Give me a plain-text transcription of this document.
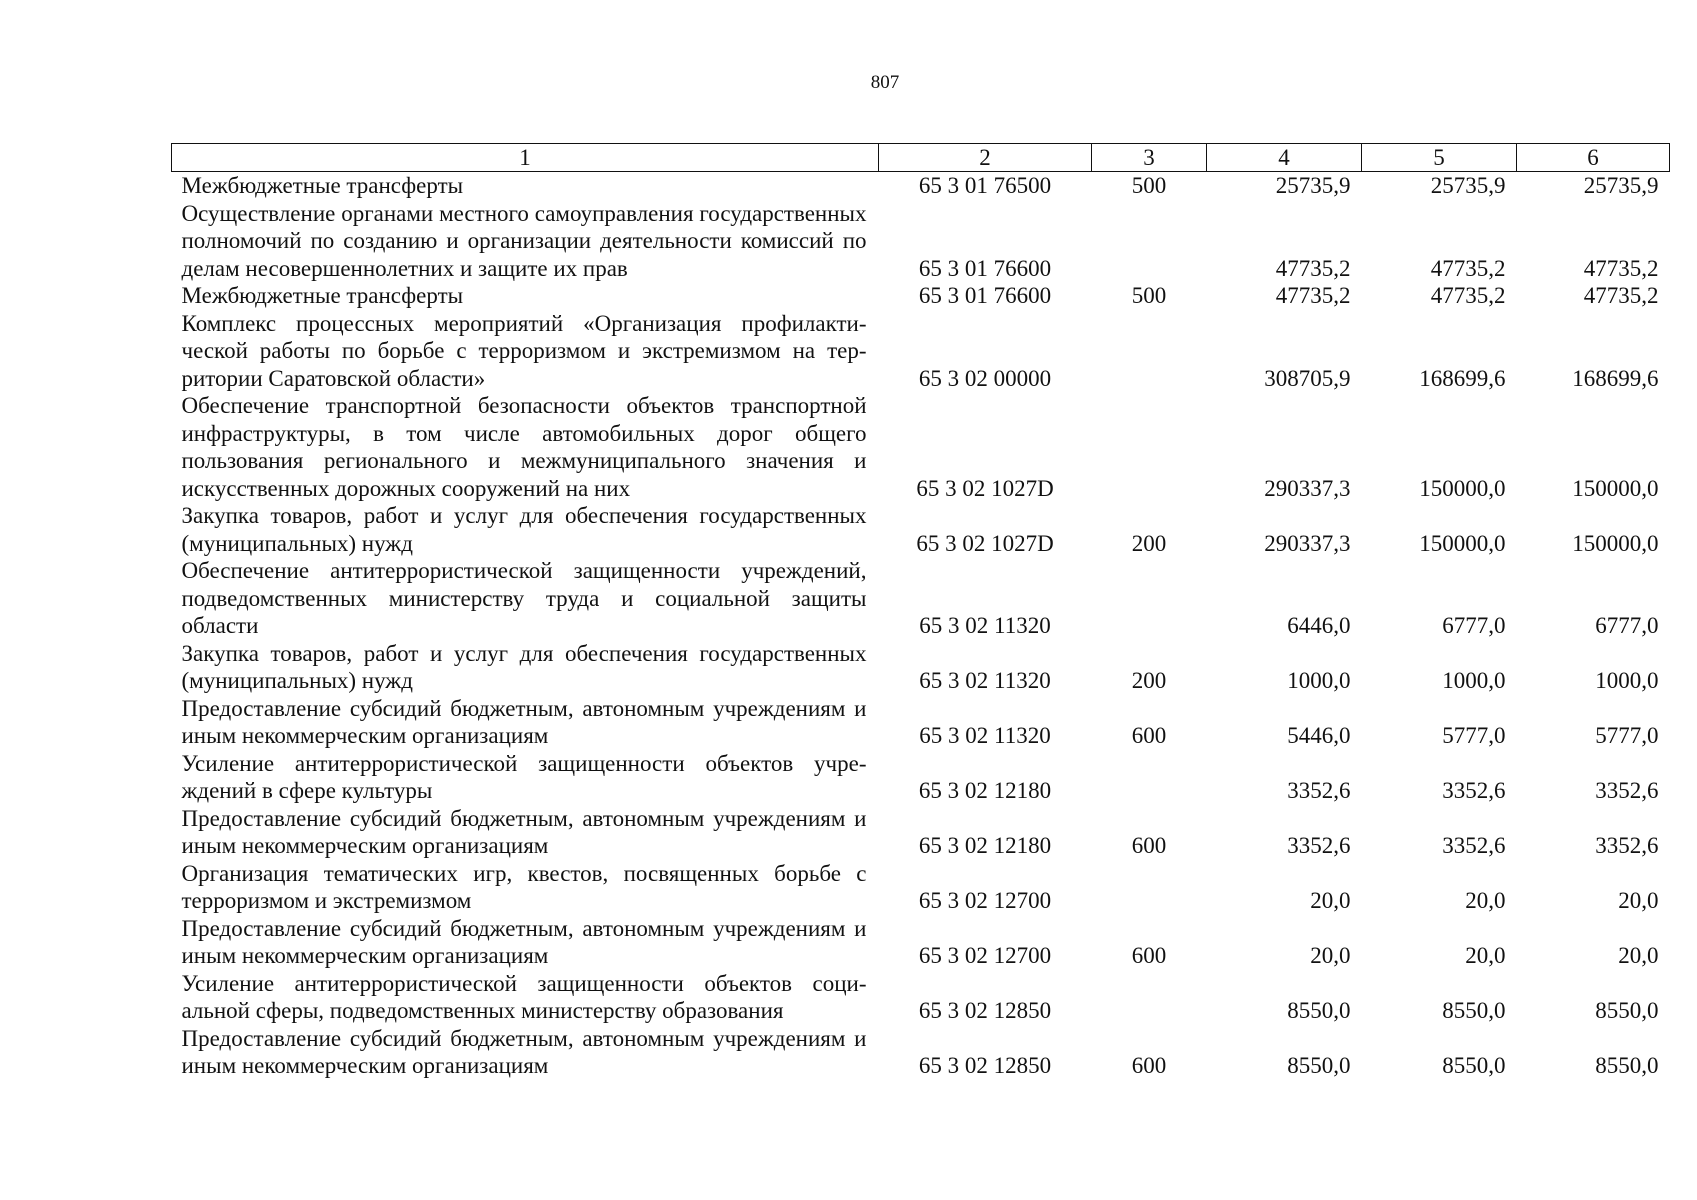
807
1	2	3	4	5	6
Межбюджетные трансферты	65 3 01 76500	500	25735,9	25735,9	25735,9
Осуществление органами местного самоуправления государственных полномочий по созданию и организации деятельности комиссий по делам несовершеннолетних и защите их прав	65 3 01 76600		47735,2	47735,2	47735,2
Межбюджетные трансферты	65 3 01 76600	500	47735,2	47735,2	47735,2
Комплекс процессных мероприятий «Организация профилактической работы по борьбе с терроризмом и экстремизмом на территории Саратовской области»	65 3 02 00000		308705,9	168699,6	168699,6
Обеспечение транспортной безопасности объектов транспортной инфраструктуры, в том числе автомобильных дорог общего пользования регионального и межмуниципального значения и искусственных дорожных сооружений на них	65 3 02 1027D		290337,3	150000,0	150000,0
Закупка товаров, работ и услуг для обеспечения государственных (муниципальных) нужд	65 3 02 1027D	200	290337,3	150000,0	150000,0
Обеспечение антитеррористической защищенности учреждений, подведомственных министерству труда и социальной защиты области	65 3 02 11320		6446,0	6777,0	6777,0
Закупка товаров, работ и услуг для обеспечения государственных (муниципальных) нужд	65 3 02 11320	200	1000,0	1000,0	1000,0
Предоставление субсидий бюджетным, автономным учреждениям и иным некоммерческим организациям	65 3 02 11320	600	5446,0	5777,0	5777,0
Усиление антитеррористической защищенности объектов учреждений в сфере культуры	65 3 02 12180		3352,6	3352,6	3352,6
Предоставление субсидий бюджетным, автономным учреждениям и иным некоммерческим организациям	65 3 02 12180	600	3352,6	3352,6	3352,6
Организация тематических игр, квестов, посвященных борьбе с терроризмом и экстремизмом	65 3 02 12700		20,0	20,0	20,0
Предоставление субсидий бюджетным, автономным учреждениям и иным некоммерческим организациям	65 3 02 12700	600	20,0	20,0	20,0
Усиление антитеррористической защищенности объектов социальной сферы, подведомственных министерству образования	65 3 02 12850		8550,0	8550,0	8550,0
Предоставление субсидий бюджетным, автономным учреждениям и иным некоммерческим организациям	65 3 02 12850	600	8550,0	8550,0	8550,0
